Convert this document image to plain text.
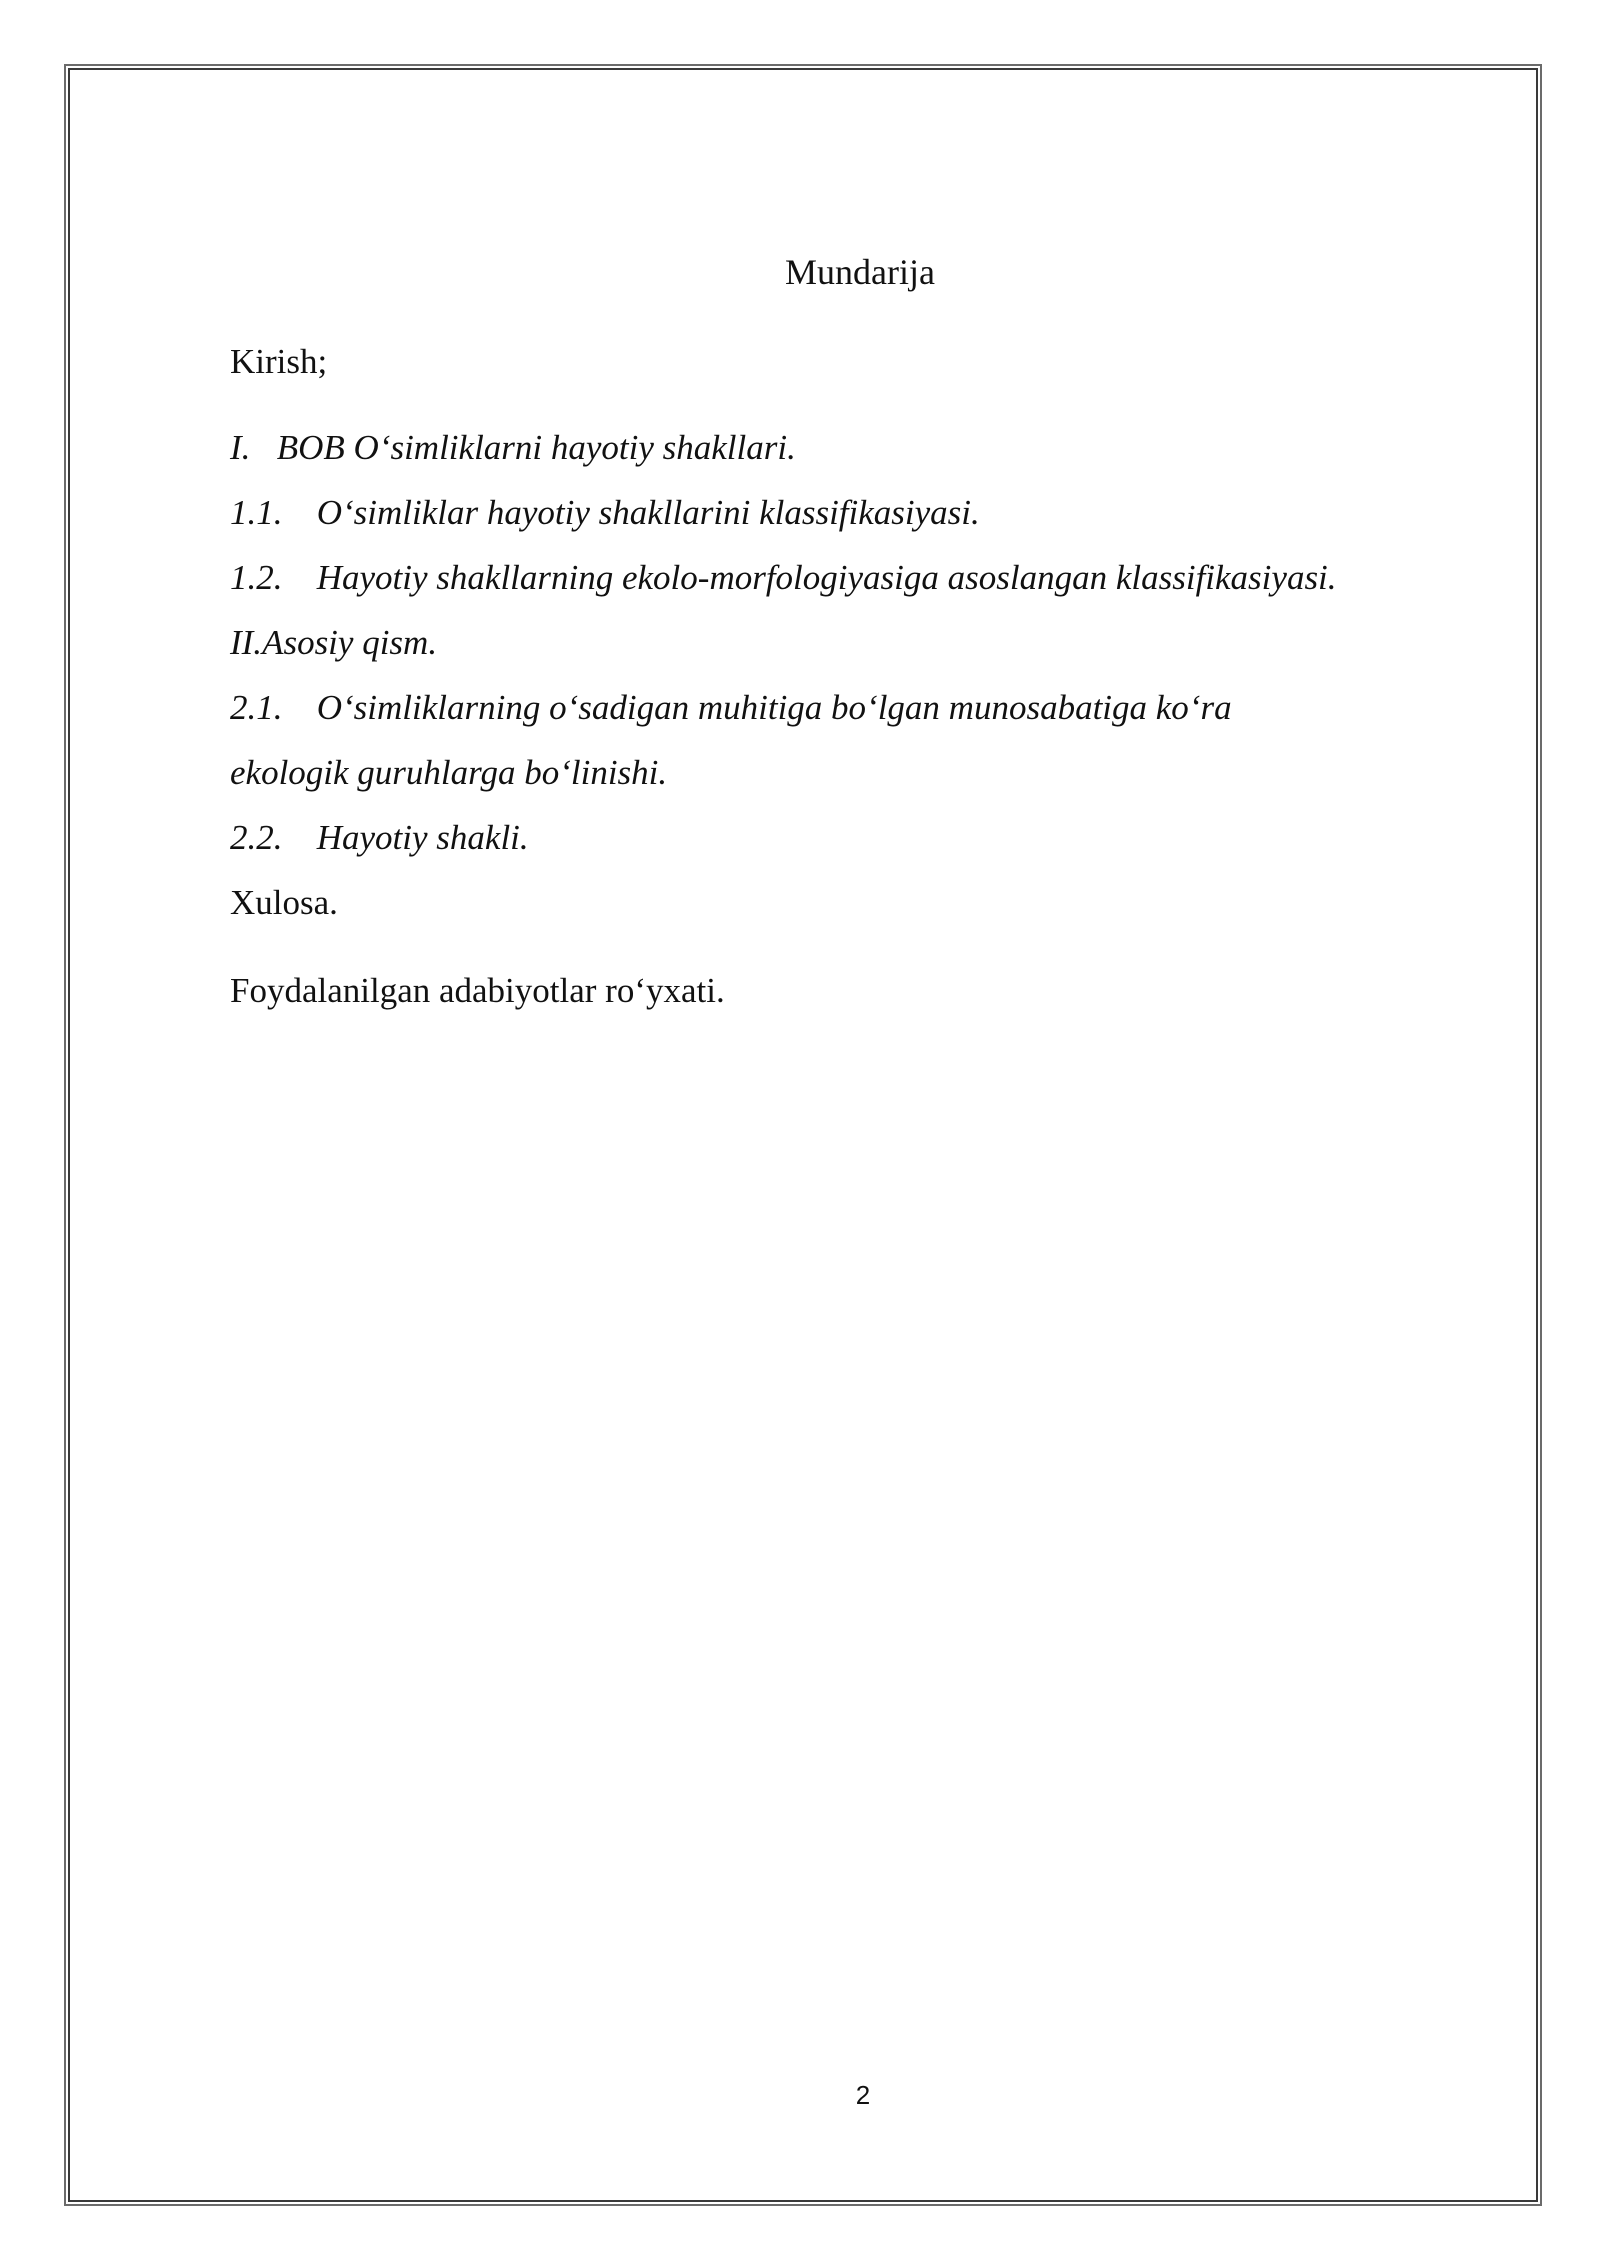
Mundarija
Kirish;
I. BOB O‘simliklarni hayotiy shakllari.
1.1. O‘simliklar hayotiy shakllarini klassifikasiyasi.
1.2. Hayotiy shakllarning ekolo-morfologiyasiga asoslangan klassifikasiyasi.
II.Asosiy qism.
2.1. O‘simliklarning o‘sadigan muhitiga bo‘lgan munosabatiga ko‘ra
ekologik guruhlarga bo‘linishi.
2.2. Hayotiy shakli.
Xulosa.
Foydalanilgan adabiyotlar ro‘yxati.
2
